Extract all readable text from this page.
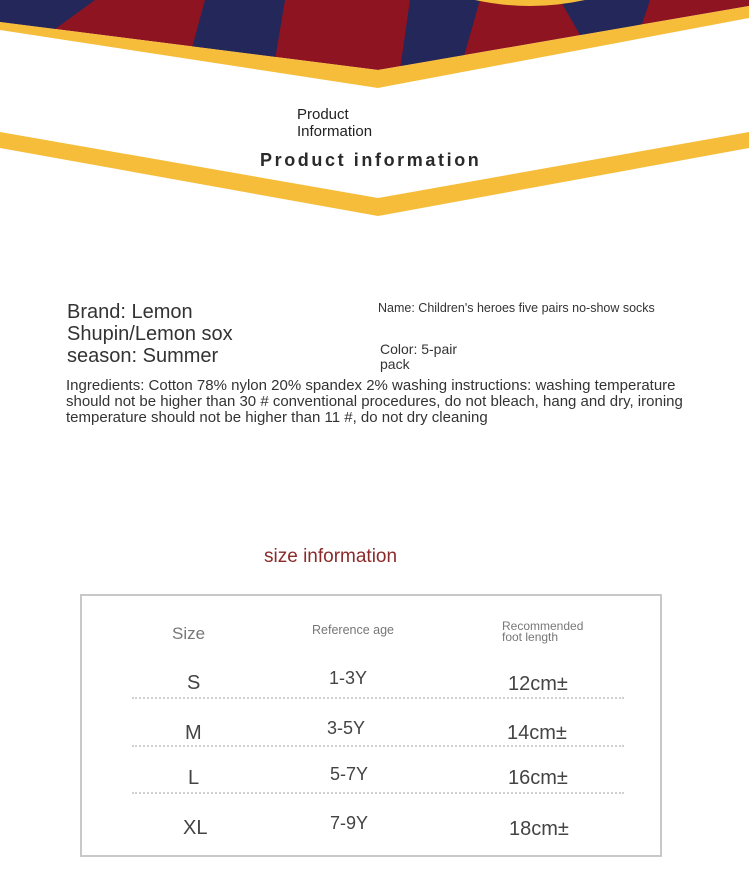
Product Information
Product information
Brand: Lemon Shupin/Lemon sox
season: Summer
Name: Children's heroes five pairs no-show socks
Color: 5-pair pack
Ingredients: Cotton 78% nylon 20% spandex 2% washing instructions: washing temperature should not be higher than 30 # conventional procedures, do not bleach, hang and dry, ironing temperature should not be higher than 11 #, do not dry cleaning
size information
Size	Reference age	Recommended foot length
S	1-3Y	12cm±
M	3-5Y	14cm±
L	5-7Y	16cm±
XL	7-9Y	18cm±
